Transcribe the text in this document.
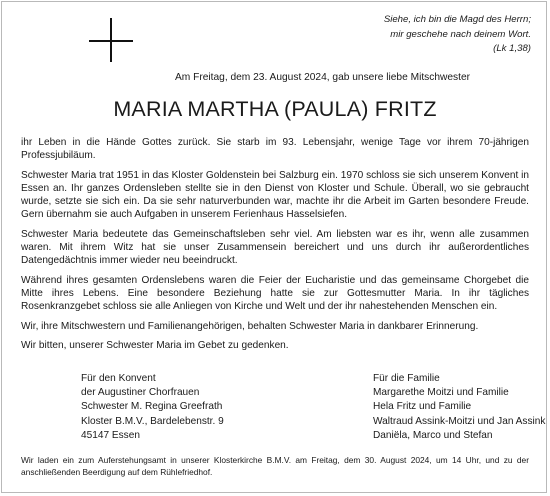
Siehe, ich bin die Magd des Herrn;
mir geschehe nach deinem Wort.
(Lk 1,38)
Am Freitag, dem 23. August 2024, gab unsere liebe Mitschwester
MARIA MARTHA (PAULA) FRITZ

ihr Leben in die Hände Gottes zurück. Sie starb im 93. Lebensjahr, wenige Tage vor ihrem 70-jährigen Professjubiläum.

Schwester Maria trat 1951 in das Kloster Goldenstein bei Salzburg ein. 1970 schloss sie sich unserem Konvent in Essen an. Ihr ganzes Ordensleben stellte sie in den Dienst von Kloster und Schule. Überall, wo sie gebraucht wurde, setzte sie sich ein. Da sie sehr naturverbunden war, machte ihr die Arbeit im Garten besondere Freude. Gern übernahm sie auch Aufgaben in unserem Ferienhaus Hasselsiefen.

Schwester Maria bedeutete das Gemeinschaftsleben sehr viel. Am liebsten war es ihr, wenn alle zusammen waren. Mit ihrem Witz hat sie unser Zusammensein bereichert und uns durch ihr außerordentliches Datengedächtnis immer wieder neu beeindruckt.

Während ihres gesamten Ordenslebens waren die Feier der Eucharistie und das gemeinsame Chorgebet die Mitte ihres Lebens. Eine besondere Beziehung hatte sie zur Gottesmutter Maria. In ihr tägliches Rosenkranzgebet schloss sie alle Anliegen von Kirche und Welt und der ihr nahestehenden Menschen ein.

Wir, ihre Mitschwestern und Familienangehörigen, behalten Schwester Maria in dankbarer Erinnerung.

Wir bitten, unserer Schwester Maria im Gebet zu gedenken.

Für den Konvent
der Augustiner Chorfrauen
Schwester M. Regina Greefrath
Kloster B.M.V., Bardelebenstr. 9
45147 Essen
Für die Familie
Margarethe Moitzi und Familie
Hela Fritz und Familie
Waltraud Assink-Moitzi und Jan Assink
Daniëla, Marco und Stefan
Wir laden ein zum Auferstehungsamt in unserer Klosterkirche B.M.V. am Freitag, dem 30. August 2024, um 14 Uhr, und zu der anschließenden Beerdigung auf dem Rühlefriedhof.
